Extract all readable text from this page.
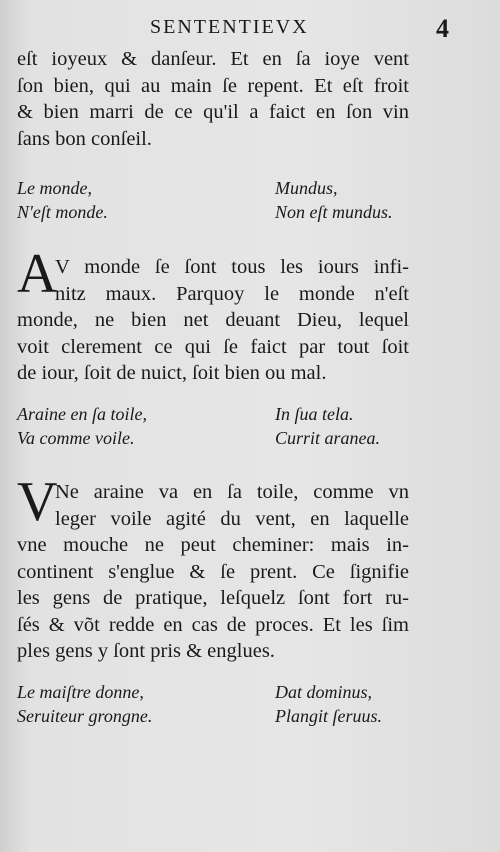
SENTENTIEVX	4
eſt ioyeux & danſeur. Et en ſa ioye vent
ſon bien, qui au main ſe repent. Et eſt froit
& bien marri de ce qu'il a faict en ſon vin
ſans bon conſeil.
Le monde,	Mundus,
N'eſt monde.	Non eſt mundus.
A
V monde ſe ſont tous les iours infi-
nitz maux. Parquoy le monde n'eſt
monde, ne bien net deuant Dieu, lequel
voit clerement ce qui ſe faict par tout ſoit
de iour, ſoit de nuict, ſoit bien ou mal.
Araine en ſa toile,	In ſua tela.
Va comme voile.	Currit aranea.
V
Ne araine va en ſa toile, comme vn
leger voile agité du vent, en laquelle
vne mouche ne peut cheminer: mais in-
continent s'englue & ſe prent. Ce ſignifie
les gens de pratique, leſquelz ſont fort ru-
ſés & võt redde en cas de proces. Et les ſim
ples gens y ſont pris & englues.
Le maiſtre donne,	Dat dominus,
Seruiteur grongne.	Plangit ſeruus.
